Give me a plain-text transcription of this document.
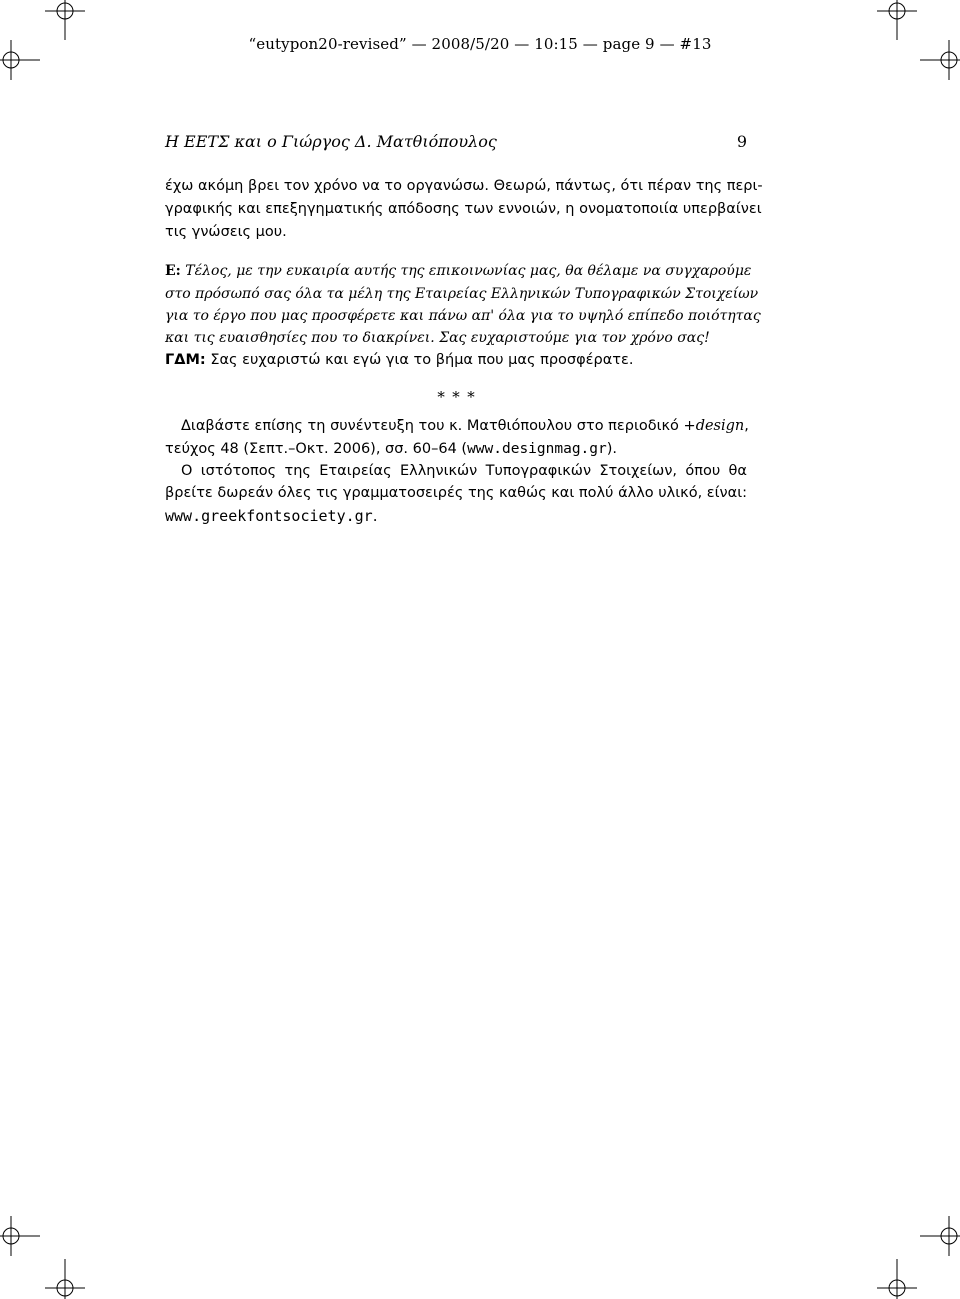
“eutypon20-revised” — 2008/5/20 — 10:15 — page 9 — #13
Η ΕΕΤΣ και ο Γιώργος Δ. Ματθιόπουλος	9
έχω ακόμη βρει τον χρόνο να το οργανώσω. Θεωρώ, πάντως, ότι πέραν της περι-
γραφικής και επεξηγηματικής απόδοσης των εννοιών, η ονοματοποιία υπερβαίνει
τις γνώσεις μου.
Ε: Τέλος, με την ευκαιρία αυτής της επικοινωνίας μας, θα θέλαμε να συγχαρούμε
στο πρόσωπό σας όλα τα μέλη της Εταιρείας Ελληνικών Τυπογραφικών Στοιχείων
για το έργο που μας προσφέρετε και πάνω απ' όλα για το υψηλό επίπεδο ποιότητας
και τις ευαισθησίες που το διακρίνει. Σας ευχαριστούμε για τον χρόνο σας!
ΓΔΜ: Σας ευχαριστώ και εγώ για το βήμα που μας προσφέρατε.
∗ ∗ ∗
Διαβάστε επίσης τη συνέντευξη του κ. Ματθιόπουλου στο περιοδικό +design,
τεύχος 48 (Σεπτ.–Οκτ. 2006), σσ. 60–64 (www.designmag.gr).
Ο ιστότοπος της Εταιρείας Ελληνικών Τυπογραφικών Στοιχείων, όπου θα
βρείτε δωρεάν όλες τις γραμματοσειρές της καθώς και πολύ άλλο υλικό, είναι:
www.greekfontsociety.gr.
